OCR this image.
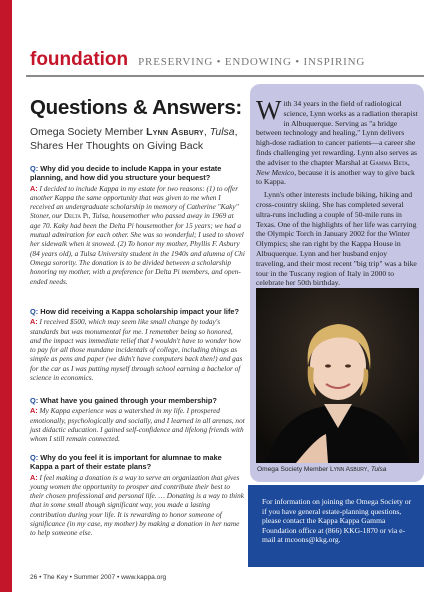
foundation PRESERVING • ENDOWING • INSPIRING
Questions & Answers:
Omega Society Member Lynn Asbury, Tulsa,
Shares Her Thoughts on Giving Back
Q: Why did you decide to include Kappa in your estate planning, and how did you structure your bequest?
A: I decided to include Kappa in my estate for two reasons: (1) to offer another Kappa the same opportunity that was given to me when I received an undergraduate scholarship in memory of Catherine "Kaky" Stoner, our Delta Pi, Tulsa, housemother who passed away in 1969 at age 70. Kaky had been the Delta Pi housemother for 15 years; we had a mutual admiration for each other. She was so wonderful; I used to shovel her sidewalk when it snowed. (2) To honor my mother, Phyllis F. Asbury (84 years old), a Tulsa University student in the 1940s and alumna of Chi Omega sorority. The donation is to be divided between a scholarship honoring my mother, with a preference for Delta Pi members, and open-ended needs.
Q: How did receiving a Kappa scholarship impact your life?
A: I received $500, which may seem like small change by today's standards but was monumental for me. I remember being so honored, and the impact was immediate relief that I wouldn't have to wonder how to pay for all those mundane incidentals of college, including things as simple as pens and paper (we didn't have computers back then!) and gas for the car as I was putting myself through school earning a bachelor of science in economics.
Q: What have you gained through your membership?
A: My Kappa experience was a watershed in my life. I prospered emotionally, psychologically and socially, and I learned in all arenas, not just didactic education. I gained self-confidence and lifelong friends with whom I still remain connected.
Q: Why do you feel it is important for alumnae to make Kappa a part of their estate plans?
A: I feel making a donation is a way to serve an organization that gives young women the opportunity to prosper and contribute their best to their chosen professional and personal life. … Donating is a way to think that in some small though significant way, you made a lasting contribution during your life. It is rewarding to honor someone of significance (in my case, my mother) by making a donation in her name to help someone else.

With 34 years in the field of radiological science, Lynn works as a radiation therapist in Albuquerque. Serving as "a bridge between technology and healing," Lynn delivers high-dose radiation to cancer patients—a career she finds challenging yet rewarding. Lynn also serves as the adviser to the chapter Marshal at Gamma Beta, New Mexico, because it is another way to give back to Kappa.

Lynn's other interests include biking, hiking and cross-country skiing. She has completed several ultra-runs including a couple of 50-mile runs in Texas. One of the highlights of her life was carrying the Olympic Torch in January 2002 for the Winter Olympics; she ran right by the Kappa House in Albuquerque. Lynn and her husband enjoy traveling, and their most recent "big trip" was a bike tour in the Tuscany region of Italy in 2000 to celebrate her 50th birthday.

Omega Society Member Lynn Asbury, Tulsa
For information on joining the Omega Society or if you have general estate-planning questions, please contact the Kappa Kappa Gamma Foundation office at (866) KKG-1870 or via e-mail at mcoons@kkg.org.
26 • The Key • Summer 2007 • www.kappa.org
